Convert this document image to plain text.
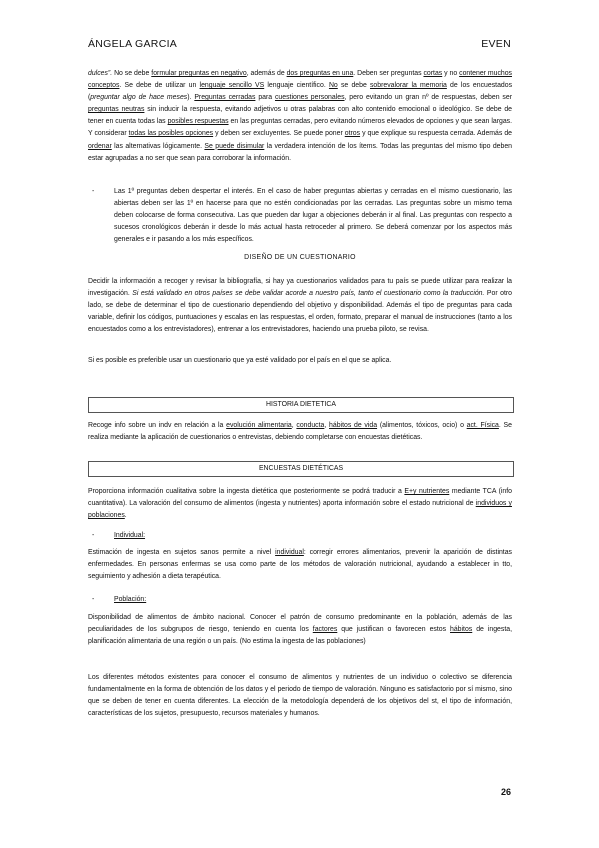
ÁNGELA GARCIA	EVEN

dulces”. No se debe formular preguntas en negativo, además de dos preguntas en una. Deben ser preguntas cortas y no contener muchos conceptos. Se debe de utilizar un lenguaje sencillo VS lenguaje científico. No se debe sobrevalorar la memoria de los encuestados (preguntar algo de hace meses). Preguntas cerradas para cuestiones personales, pero evitando un gran nº de respuestas, deben ser preguntas neutras sin inducir la respuesta, evitando adjetivos u otras palabras con alto contenido emocional o ideológico. Se debe de tener en cuenta todas las posibles respuestas en las preguntas cerradas, pero evitando números elevados de opciones y que sean largas. Y considerar todas las posibles opciones y deben ser excluyentes. Se puede poner otros y que explique su respuesta cerrada. Además de ordenar las alternativas lógicamente. Se puede disimular la verdadera intención de los ítems. Todas las preguntas del mismo tipo deben estar agrupadas a no ser que sean para corroborar la información.

-	Las 1º preguntas deben despertar el interés. En el caso de haber preguntas abiertas y cerradas en el mismo cuestionario, las abiertas deben ser las 1º en hacerse para que no estén condicionadas por las cerradas. Las preguntas sobre un mismo tema deben colocarse de forma consecutiva. Las que pueden dar lugar a objeciones deberán ir al final. Las preguntas con respecto a sucesos cronológicos deberán ir desde lo más actual hasta retroceder al primero. Se deberá comenzar por los aspectos más generales e ir pasando a los más específicos.
DISEÑO DE UN CUESTIONARIO

Decidir la información a recoger y revisar la bibliografía, si hay ya cuestionarios validados para tu país se puede utilizar para realizar la investigación. Si está validado en otros países se debe validar acorde a nuestro país, tanto el cuestionario como la traducción. Por otro lado, se debe de determinar el tipo de cuestionario dependiendo del objetivo y disponibilidad. Además el tipo de preguntas para cada variable, definir los códigos, puntuaciones y escalas en las respuestas, el orden, formato, preparar el manual de instrucciones (tanto a los encuestados como a los entrevistadores), entrenar a los entrevistadores, haciendo una prueba piloto, se revisa.

Si es posible es preferible usar un cuestionario que ya esté validado por el país en el que se aplica.
HISTORIA DIETETICA

Recoge info sobre un indv en relación a la evolución alimentaria, conducta, hábitos de vida (alimentos, tóxicos, ocio) o act. Física. Se realiza mediante la aplicación de cuestionarios o entrevistas, debiendo completarse con encuestas dietéticas.

ENCUESTAS DIETÉTICAS

Proporciona información cualitativa sobre la ingesta dietética que posteriormente se podrá traducir a E+y nutrientes mediante TCA (info cuantitativa). La valoración del consumo de alimentos (ingesta y nutrientes) aporta información sobre el estado nutricional de individuos y poblaciones.

-	Individual:

Estimación de ingesta en sujetos sanos permite a nivel individual: corregir errores alimentarios, prevenir la aparición de distintas enfermedades. En personas enfermas se usa como parte de los métodos de valoración nutricional, ayudando a establecer in tto, seguimiento y adhesión a dieta terapéutica.

-	Población:

Disponibilidad de alimentos de ámbito nacional. Conocer el patrón de consumo predominante en la población, además de las peculiaridades de los subgrupos de riesgo, teniendo en cuenta los factores que justifican o favorecen estos hábitos de ingesta, planificación alimentaria de una región o un país. (No estima la ingesta de las poblaciones)

Los diferentes métodos existentes para conocer el consumo de alimentos y nutrientes de un individuo o colectivo se diferencia fundamentalmente en la forma de obtención de los datos y el periodo de tiempo de valoración. Ninguno es satisfactorio por sí mismo, sino que se deben de tener en cuenta diferentes. La elección de la metodología dependerá de los objetivos del st, el tipo de información, características de los sujetos, presupuesto, recursos materiales y humanos.
26
